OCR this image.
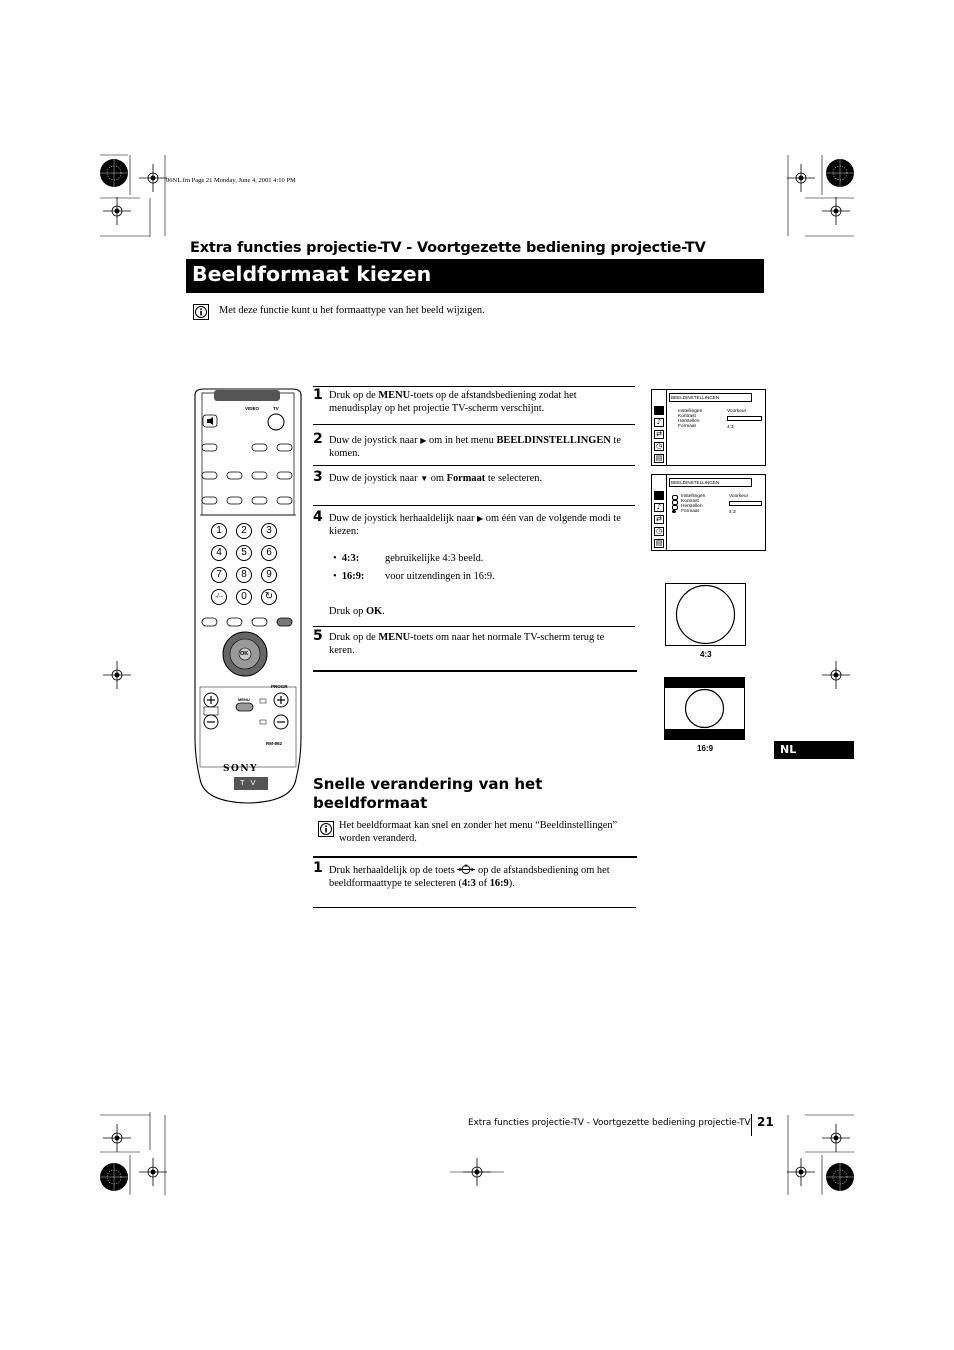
06NL.fm Page 21 Monday, June 4, 2001 4:10 PM
Extra functies projectie-TV - Voortgezette bediening projectie-TV
Beeldformaat kiezen
Met deze functie kunt u het formaattype van het beeld wijzigen.
VIDEO	TV
MENU
PROGR
OK
RM-892
SONY
T V
1	2	3
4	5	6
7	8	9
-/--	0	↻
1 Druk op de MENU-toets op de afstandsbediening zodat het menudisplay op het projectie TV-scherm verschijnt.
2 Duw de joystick naar ▶ om in het menu BEELDINSTELLINGEN te komen.
3 Duw de joystick naar ▼ om Formaat te selecteren.
4 Duw de joystick herhaaldelijk naar ▶ om één van de volgende modi te kiezen:
• 4:3: gebruikelijke 4:3 beeld.
• 16:9: voor uitzendingen in 16:9.
Druk op OK.
5 Druk op de MENU-toets om naar het normale TV-scherm terug te keren.
♪
⇄
◷
▤
BEELDINSTELLINGEN
Instellingen
Kontrast
Herstellen
Formaat
Voorkeur
4:3
♪
⇄
◷
▤
BEELDINSTELLINGEN
Instellingen
Kontrast
Herstellen
Formaat
Voorkeur
4:3
4:3
16:9	NL
Snelle verandering van het beeldformaat
Het beeldformaat kan snel en zonder het menu “Beeldinstellingen” worden veranderd.
1 Druk herhaaldelijk op de toets  op de afstandsbediening om het beeldformaattype te selecteren (4:3 of 16:9).
Extra functies projectie-TV - Voortgezette bediening projectie-TV 21
